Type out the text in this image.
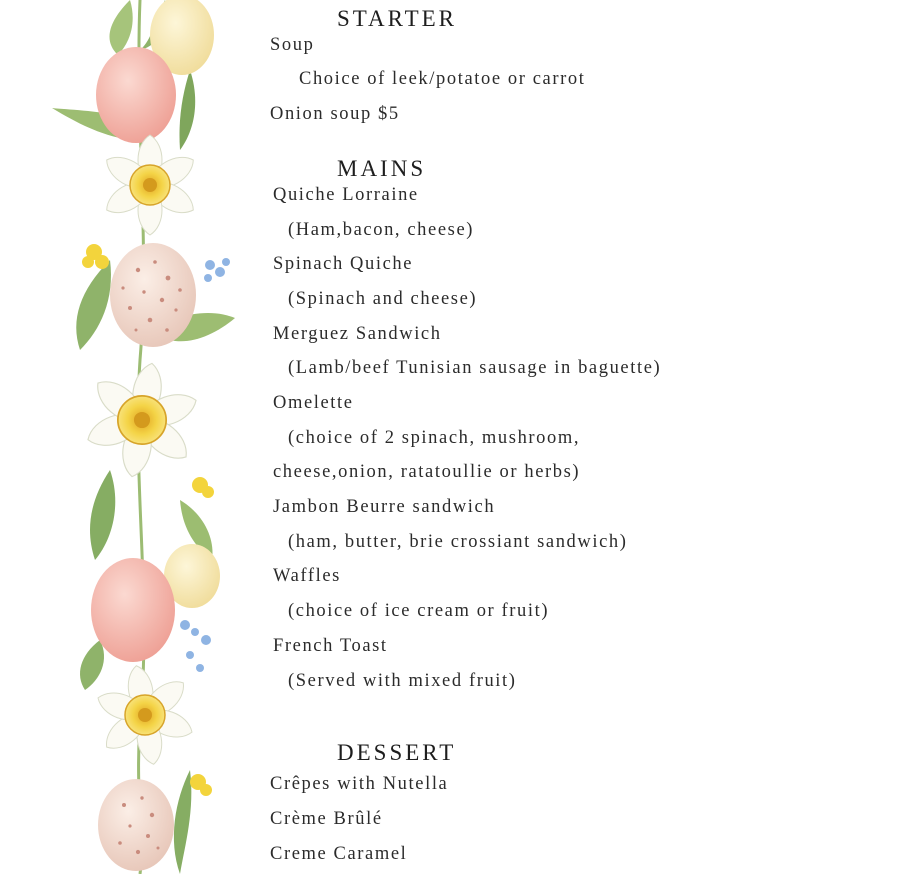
STARTER
Soup
Choice of leek/potatoe or carrot
Onion soup $5
MAINS
Quiche Lorraine
(Ham,bacon, cheese)
Spinach Quiche
(Spinach and cheese)
Merguez Sandwich
(Lamb/beef Tunisian sausage in baguette)
Omelette
(choice of 2 spinach, mushroom,
cheese,onion, ratatoullie or herbs)
Jambon Beurre sandwich
(ham, butter, brie crossiant sandwich)
Waffles
(choice of ice cream or fruit)
French Toast
(Served with mixed fruit)
DESSERT
Crêpes with Nutella
Crème Brûlé
Creme Caramel
